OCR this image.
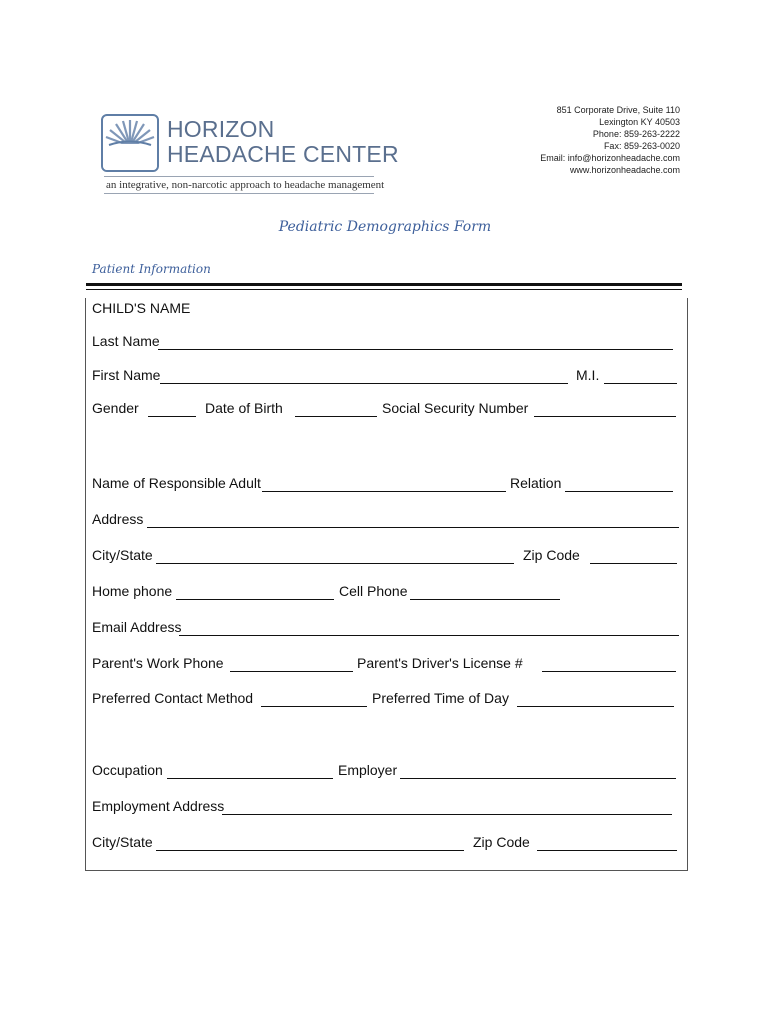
HORIZON
HEADACHE CENTER
an integrative, non-narcotic approach to headache management
851 Corporate Drive, Suite 110
Lexington KY 40503
Phone: 859-263-2222
Fax: 859-263-0020
Email: info@horizonheadache.com
www.horizonheadache.com
Pediatric Demographics Form
Patient Information
CHILD'S NAME
Last Name
First Name	M.I.
Gender	Date of Birth	Social Security Number
Name of Responsible Adult	Relation
Address
City/State	Zip Code
Home phone	Cell Phone
Email Address
Parent's Work Phone	Parent's Driver's License #
Preferred Contact Method	Preferred Time of Day
Occupation	Employer
Employment Address
City/State	Zip Code
